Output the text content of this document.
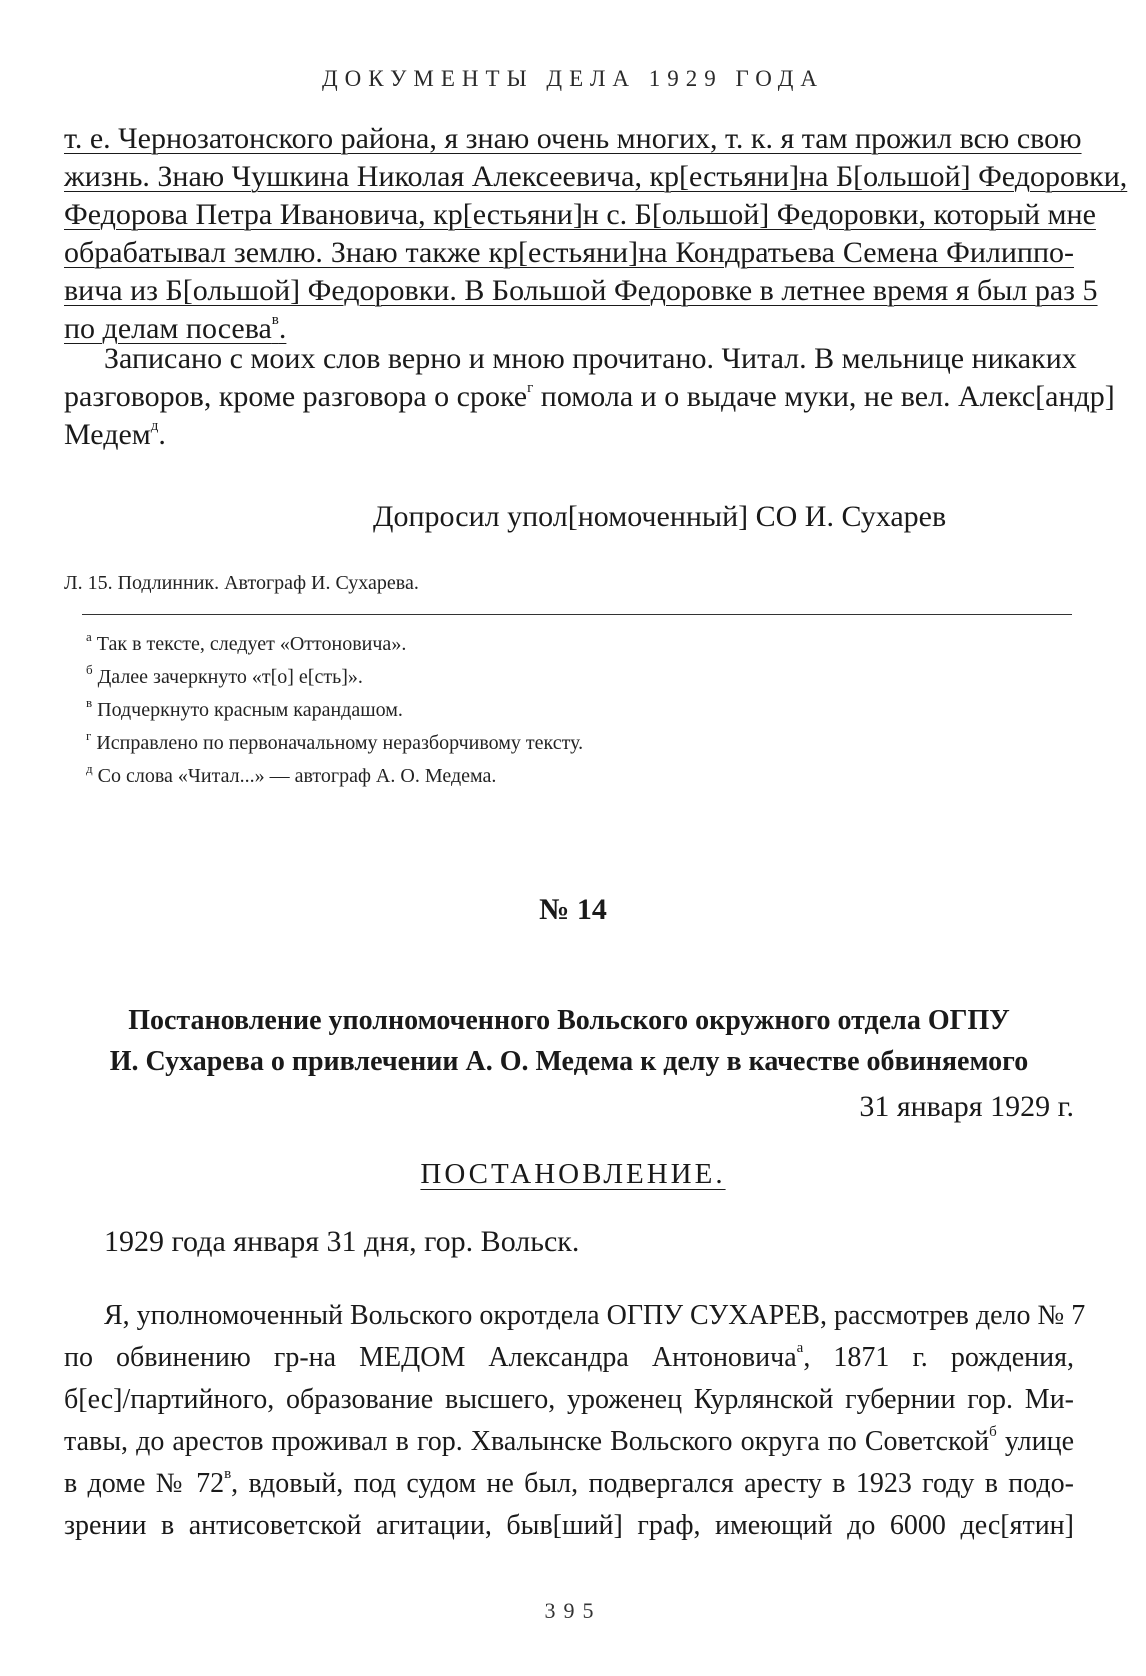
ДОКУМЕНТЫ ДЕЛА 1929 ГОДА
т. е. Чернозатонского района, я знаю очень многих, т. к. я там прожил всю свою
жизнь. Знаю Чушкина Николая Алексеевича, кр[естьяни]на Б[ольшой] Федоровки,
Федорова Петра Ивановича, кр[естьяни]н с. Б[ольшой] Федоровки, который мне
обрабатывал землю. Знаю также кр[естьяни]на Кондратьева Семена Филиппо-
вича из Б[ольшой] Федоровки. В Большой Федоровке в летнее время я был раз 5
по делам посева$^в$.
Записано с моих слов верно и мною прочитано. Читал. В мельнице никаких
разговоров, кроме разговора о сроке$^г$ помола и о выдаче муки, не вел. Алекс[андр]
Медем$^д$.
Допросил упол[номоченный] СО И. Сухарев
Л. 15. Подлинник. Автограф И. Сухарева.
$^а$ Так в тексте, следует «Оттоновича».
$^б$ Далее зачеркнуто «т[о] е[сть]».
$^в$ Подчеркнуто красным карандашом.
$^г$ Исправлено по первоначальному неразборчивому тексту.
$^д$ Со слова «Читал...» — автограф А. О. Медема.
№ 14
Постановление уполномоченного Вольского окружного отдела ОГПУ
И. Сухарева о привлечении А. О. Медема к делу в качестве обвиняемого
31 января 1929 г.
ПОСТАНОВЛЕНИЕ.
1929 года января 31 дня, гор. Вольск.
Я, уполномоченный Вольского окротдела ОГПУ СУХАРЕВ, рассмотрев дело № 7
по обвинению гр-на МЕДОМ Александра Антоновича$^а$, 1871 г. рождения,
б[ес]/партийного, образование высшего, уроженец Курлянской губернии гор. Ми-
тавы, до арестов проживал в гор. Хвалынске Вольского округа по Советской$^б$ улице
в доме № $72^в$, вдовый, под судом не был, подвергался аресту в 1923 году в подо-
зрении в антисоветской агитации, быв[ший] граф, имеющий до 6000 дес[ятин]
395
